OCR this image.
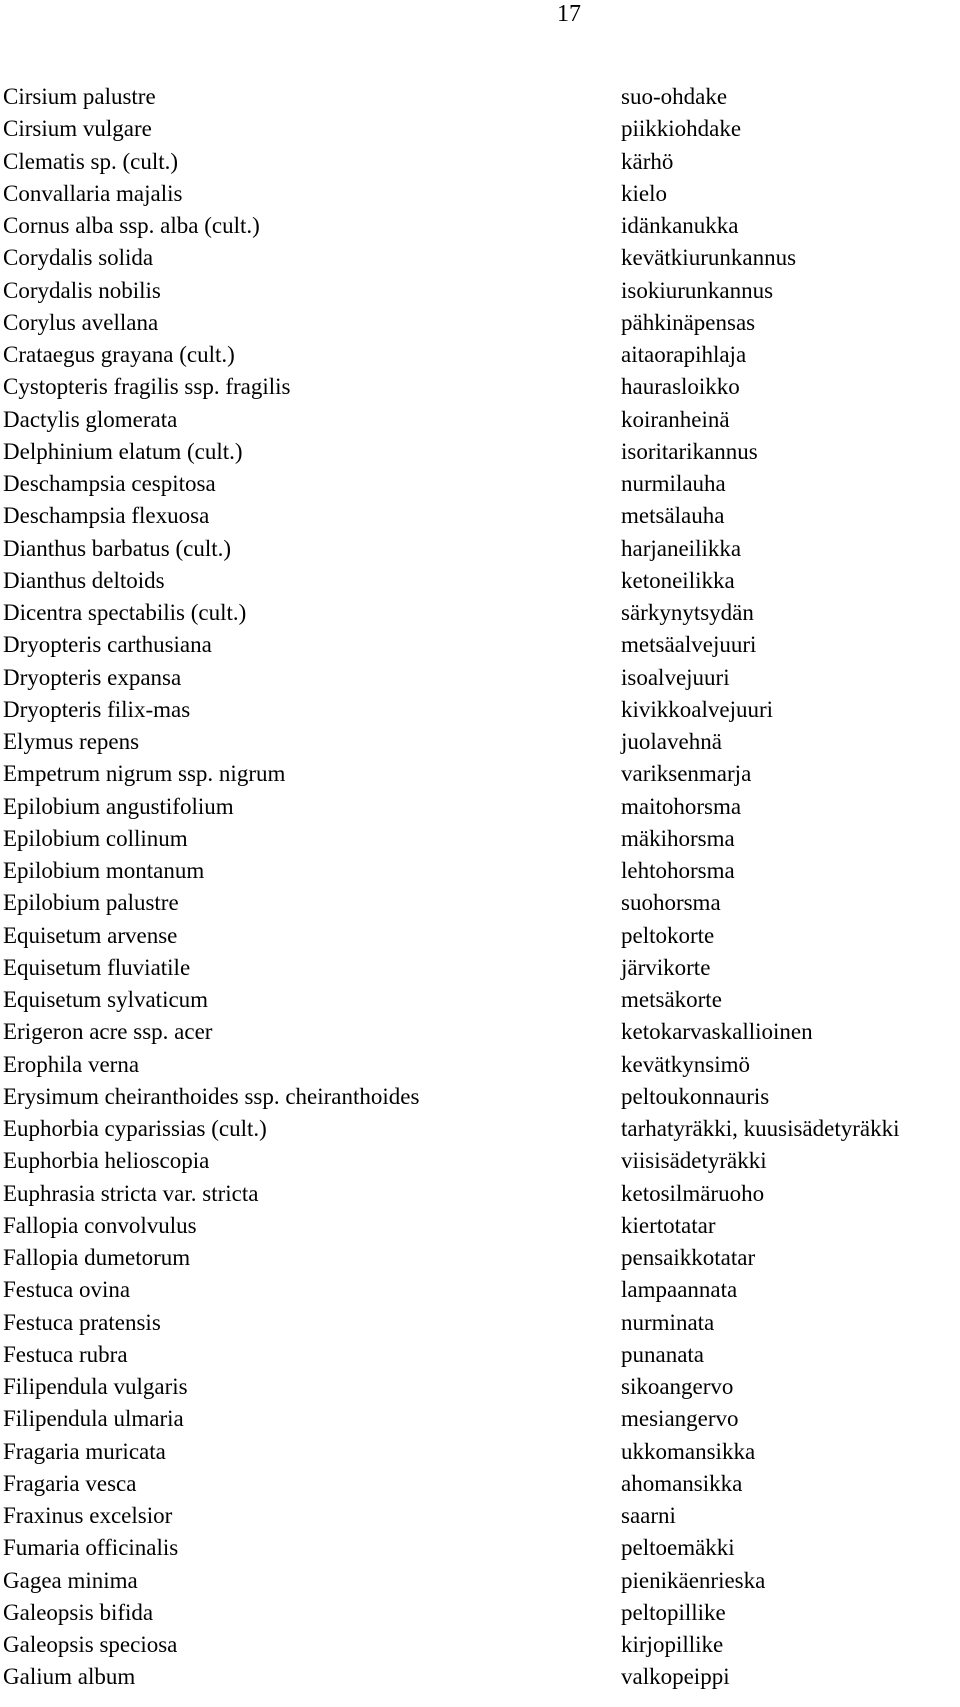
17
Cirsium palustre	suo-ohdake
Cirsium vulgare	piikkiohdake
Clematis sp. (cult.)	kärhö
Convallaria majalis	kielo
Cornus alba ssp. alba (cult.)	idänkanukka
Corydalis solida	kevätkiurunkannus
Corydalis nobilis	isokiurunkannus
Corylus avellana	pähkinäpensas
Crataegus grayana (cult.)	aitaorapihlaja
Cystopteris fragilis ssp. fragilis	haurasloikko
Dactylis glomerata	koiranheinä
Delphinium elatum (cult.)	isoritarikannus
Deschampsia cespitosa	nurmilauha
Deschampsia flexuosa	metsälauha
Dianthus barbatus (cult.)	harjaneilikka
Dianthus deltoids	ketoneilikka
Dicentra spectabilis (cult.)	särkynytsydän
Dryopteris carthusiana	metsäalvejuuri
Dryopteris expansa	isoalvejuuri
Dryopteris filix-mas	kivikkoalvejuuri
Elymus repens	juolavehnä
Empetrum nigrum ssp. nigrum	variksenmarja
Epilobium angustifolium	maitohorsma
Epilobium collinum	mäkihorsma
Epilobium montanum	lehtohorsma
Epilobium palustre	suohorsma
Equisetum arvense	peltokorte
Equisetum fluviatile	järvikorte
Equisetum sylvaticum	metsäkorte
Erigeron acre ssp. acer	ketokarvaskallioinen
Erophila verna	kevätkynsimö
Erysimum cheiranthoides ssp. cheiranthoides	peltoukonnauris
Euphorbia cyparissias (cult.)	tarhatyräkki, kuusisädetyräkki
Euphorbia helioscopia	viisisädetyräkki
Euphrasia stricta var. stricta	ketosilmäruoho
Fallopia convolvulus	kiertotatar
Fallopia dumetorum	pensaikkotatar
Festuca ovina	lampaannata
Festuca pratensis	nurminata
Festuca rubra	punanata
Filipendula vulgaris	sikoangervo
Filipendula ulmaria	mesiangervo
Fragaria muricata	ukkomansikka
Fragaria vesca	ahomansikka
Fraxinus excelsior	saarni
Fumaria officinalis	peltoemäkki
Gagea minima	pienikäenrieska
Galeopsis bifida	peltopillike
Galeopsis speciosa	kirjopillike
Galium album	valkopeippi
